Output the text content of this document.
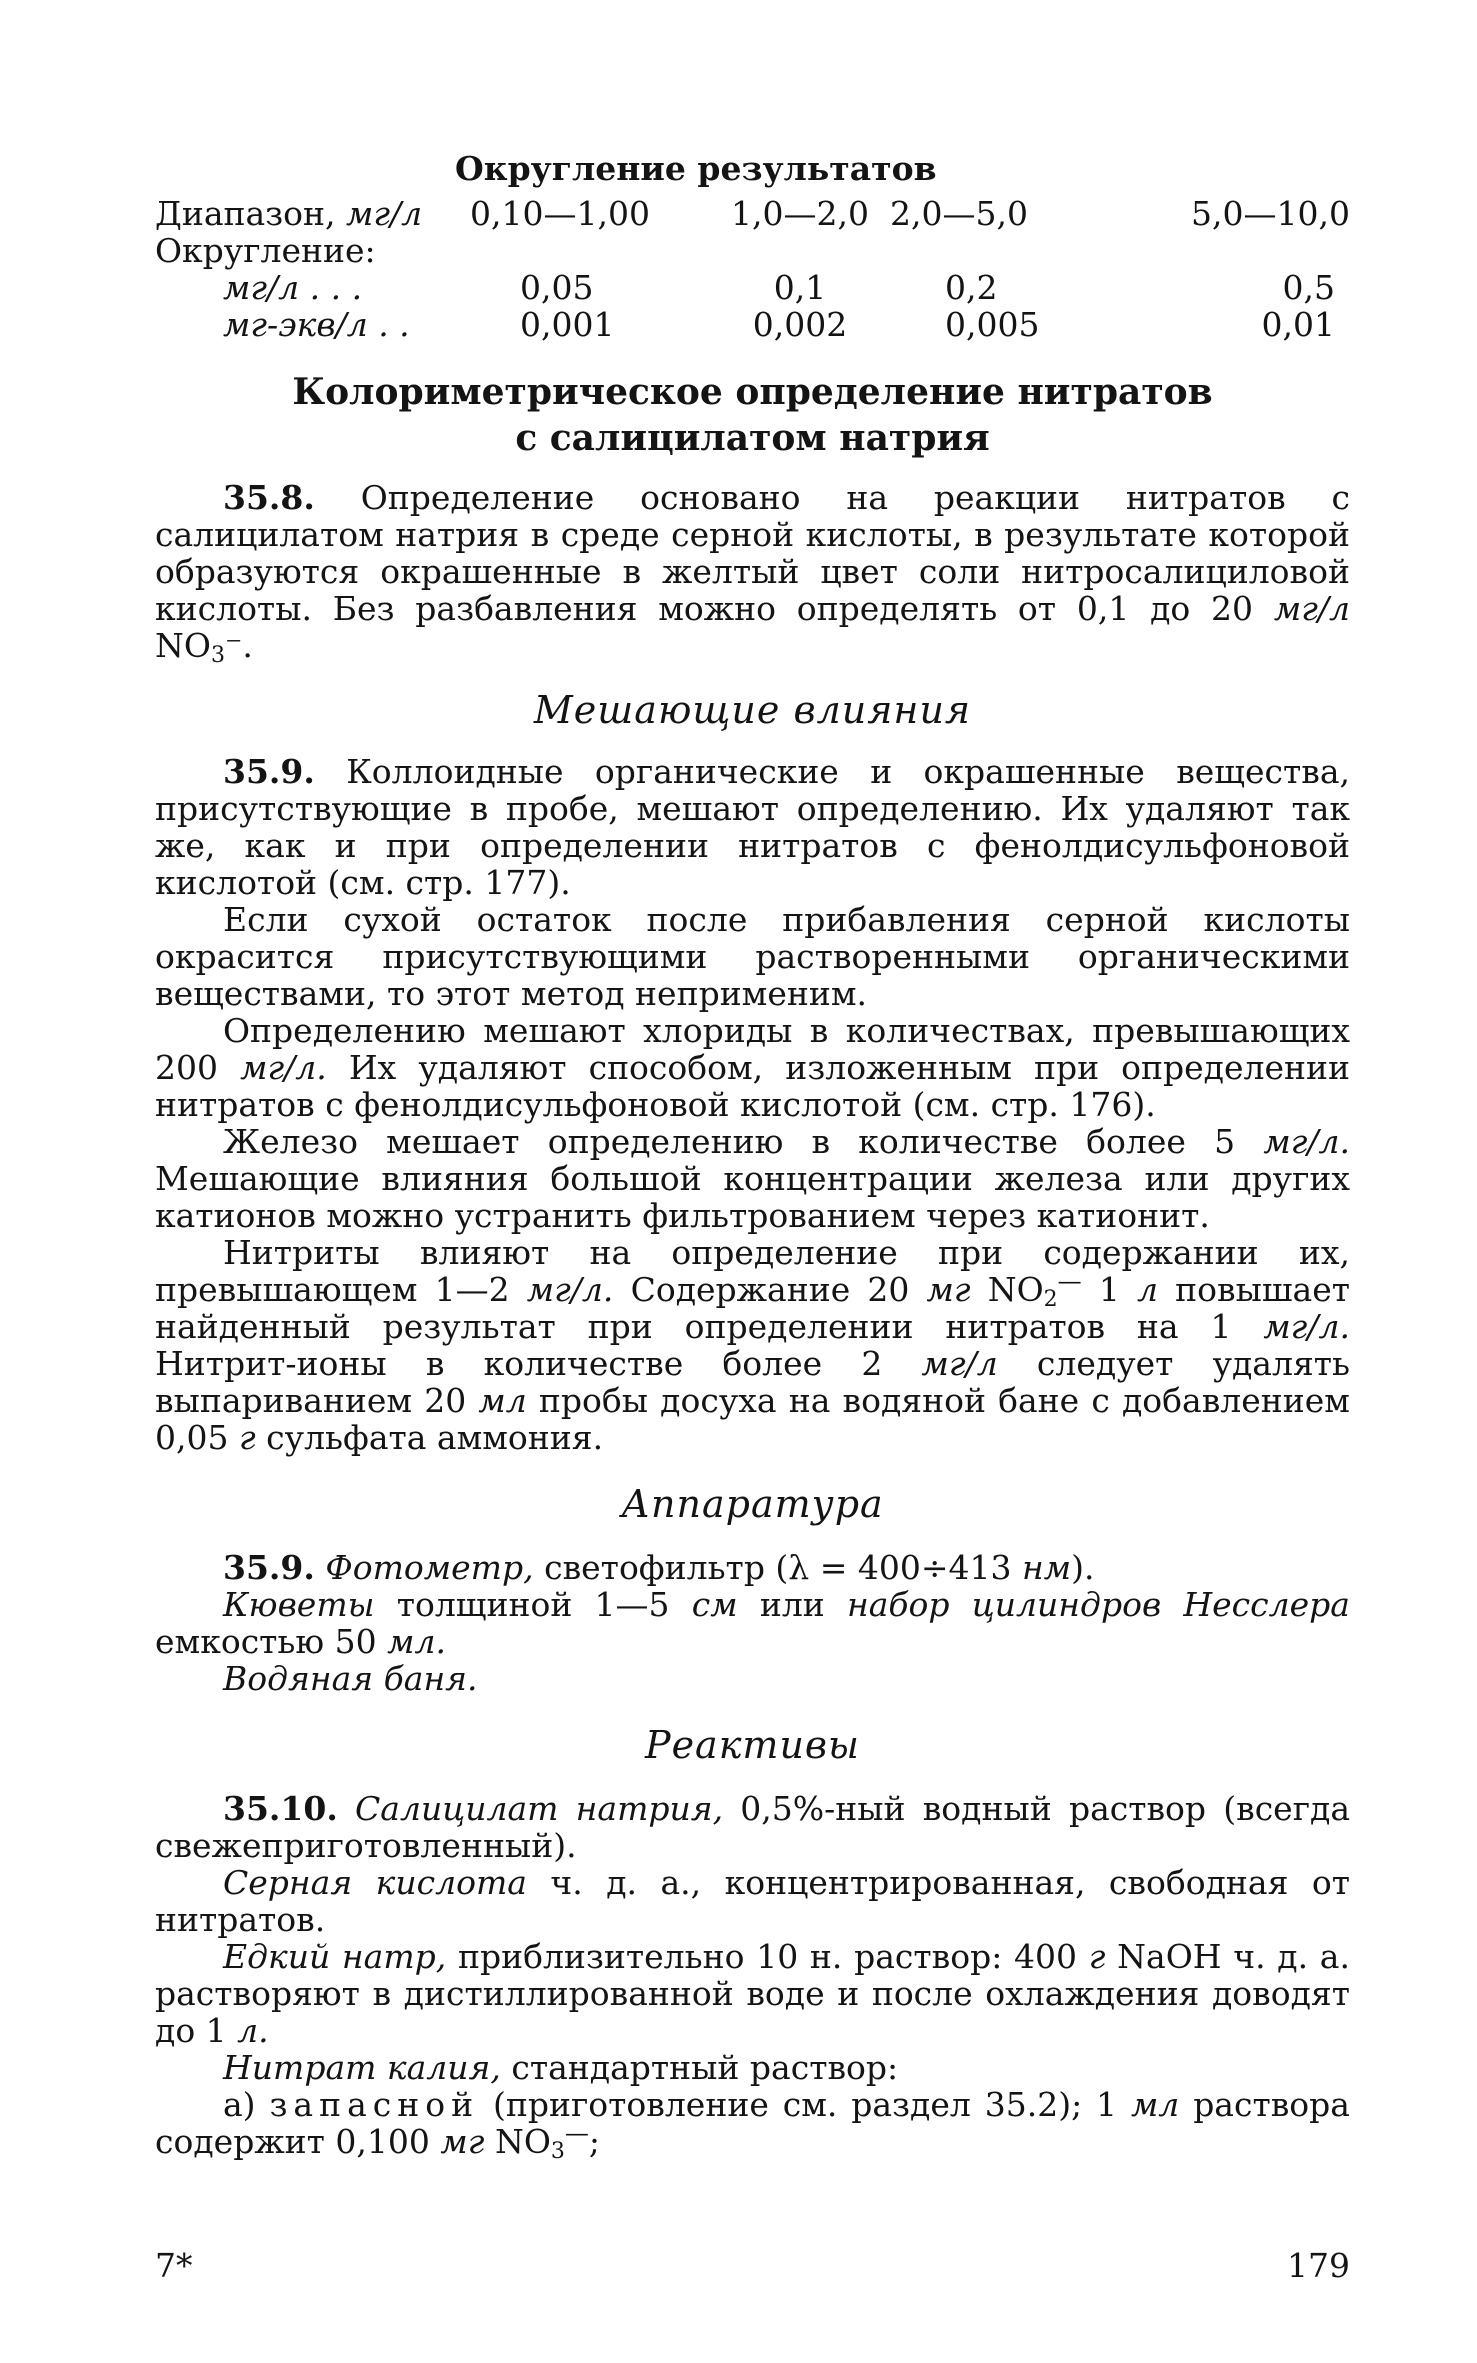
Округление результатов
Диапазон, мг/л	0,10—1,00	1,0—2,0	2,0—5,0	5,0—10,0
Округление:				
мг/л . . .	0,05	0,1	0,2	0,5
мг-экв/л . .	0,001	0,002	0,005	0,01
Колориметрическое определение нитратов
с салицилатом натрия

35.8. Определение основано на реакции нитратов с салицилатом натрия в среде серной кислоты, в результате которой образуются окрашенные в желтый цвет соли нитросалициловой кислоты. Без разбавления можно определять от 0,1 до 20 мг/л $NO_3^-$.

Мешающие влияния

35.9. Коллоидные органические и окрашенные вещества, присутствующие в пробе, мешают определению. Их удаляют так же, как и при определении нитратов с фенолдисульфоновой кислотой (см. стр. 177).

Если сухой остаток после прибавления серной кислоты окрасится присутствующими растворенными органическими веществами, то этот метод неприменим.

Определению мешают хлориды в количествах, превышающих 200 мг/л. Их удаляют способом, изложенным при определении нитратов с фенолдисульфоновой кислотой (см. стр. 176).

Железо мешает определению в количестве более 5 мг/л. Мешающие влияния большой концентрации железа или других катионов можно устранить фильтрованием через катионит.

Нитриты влияют на определение при содержании их, превышающем 1—2 мг/л. Содержание 20 мг $NO_2^—$ 1 л повышает найденный результат при определении нитратов на 1 мг/л. Нитрит-ионы в количестве более 2 мг/л следует удалять выпариванием 20 мл пробы досуха на водяной бане с добавлением 0,05 г сульфата аммония.

Аппаратура

35.9. Фотометр, светофильтр (λ = 400÷413 нм).

Кюветы толщиной 1—5 см или набор цилиндров Несслера емкостью 50 мл.

Водяная баня.

Реактивы

35.10. Салицилат натрия, 0,5%-ный водный раствор (всегда свежеприготовленный).

Серная кислота ч. д. а., концентрированная, свободная от нитратов.

Едкий натр, приблизительно 10 н. раствор: 400 г NaOH ч. д. а. растворяют в дистиллированной воде и после охлаждения доводят до 1 л.

Нитрат калия, стандартный раствор:

а) запасной (приготовление см. раздел 35.2); 1 мл раствора содержит 0,100 мг $NO_3^—$;

7*	179
